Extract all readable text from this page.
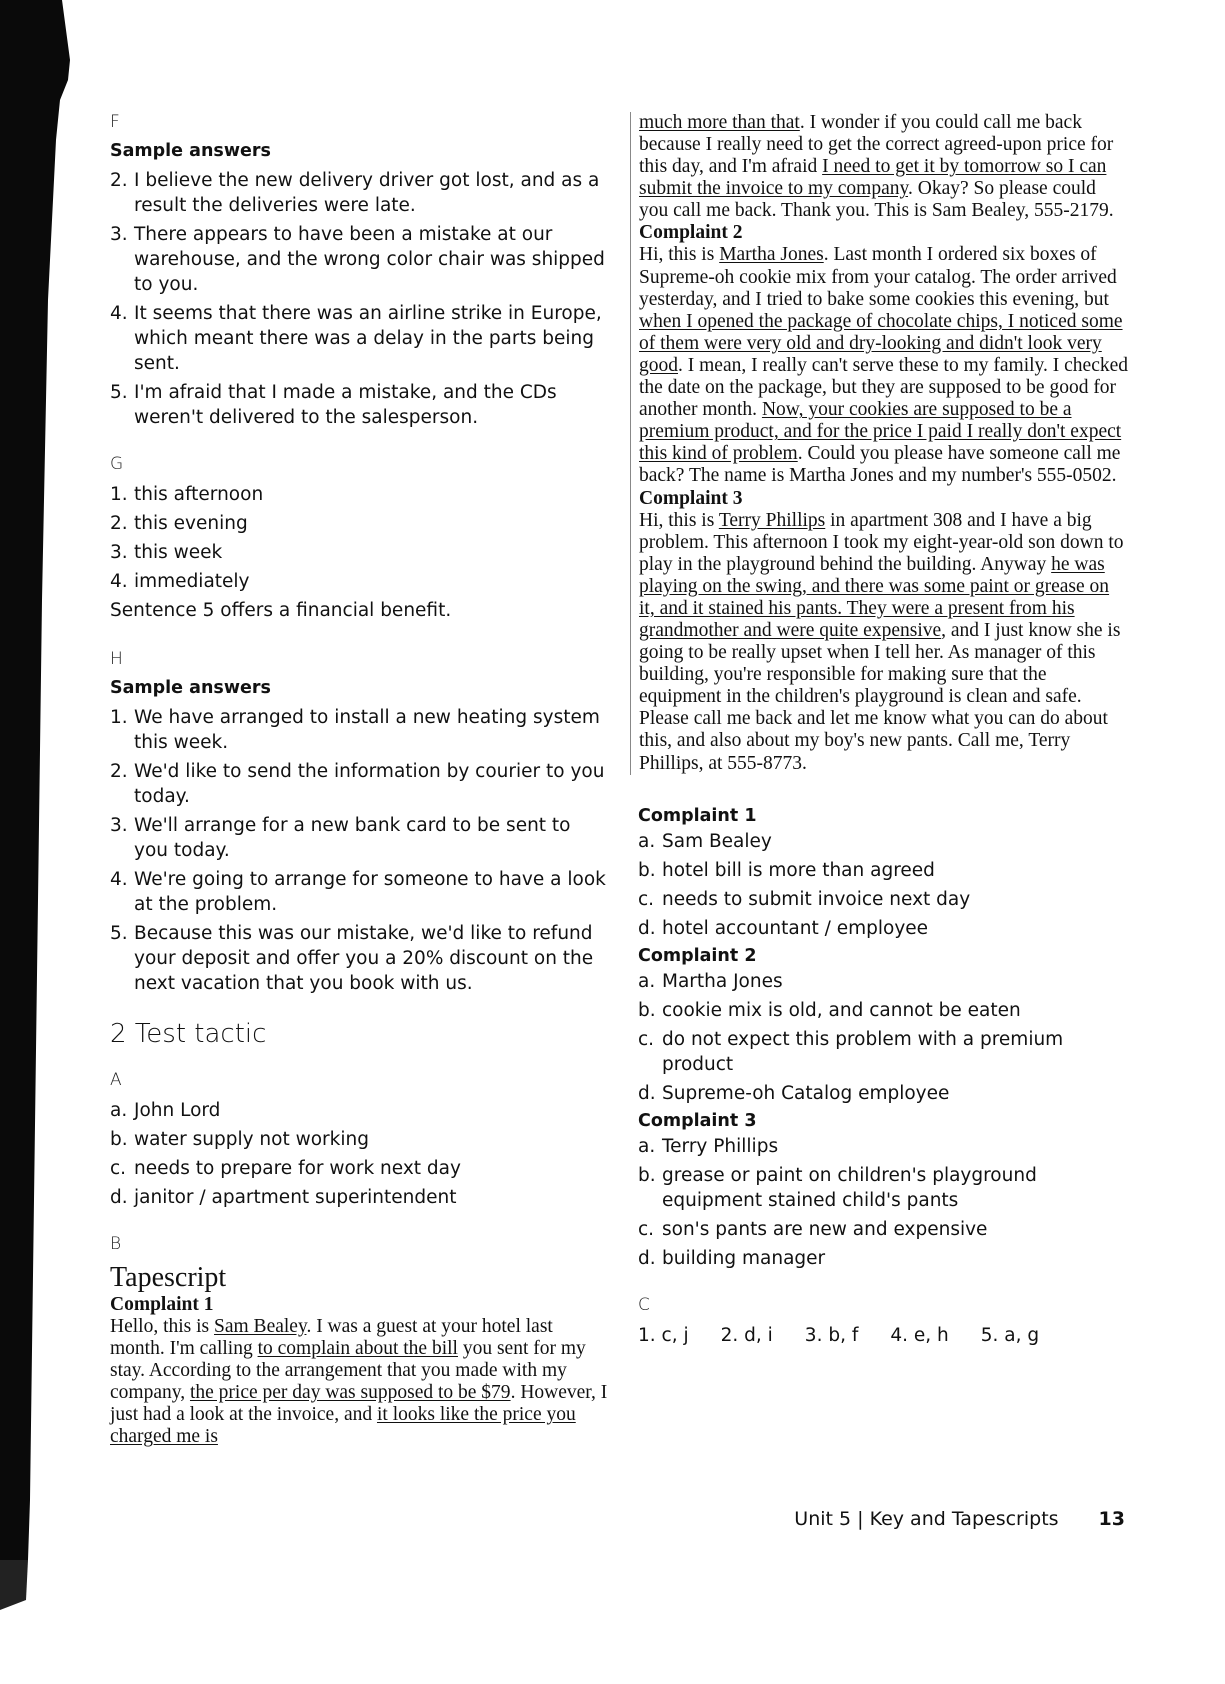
F
Sample answers
2. I believe the new delivery driver got lost, and as a result the deliveries were late.
3. There appears to have been a mistake at our warehouse, and the wrong color chair was shipped to you.
4. It seems that there was an airline strike in Europe, which meant there was a delay in the parts being sent.
5. I'm afraid that I made a mistake, and the CDs weren't delivered to the salesperson.
G
1. this afternoon
2. this evening
3. this week
4. immediately

Sentence 5 offers a financial benefit.

H
Sample answers
1. We have arranged to install a new heating system this week.
2. We'd like to send the information by courier to you today.
3. We'll arrange for a new bank card to be sent to you today.
4. We're going to arrange for someone to have a look at the problem.
5. Because this was our mistake, we'd like to refund your deposit and offer you a 20% discount on the next vacation that you book with us.
2 Test tactic
A
a. John Lord
b. water supply not working
c. needs to prepare for work next day
d. janitor / apartment superintendent
B
Tapescript
Complaint 1

Hello, this is Sam Bealey. I was a guest at your hotel last month. I'm calling to complain about the bill you sent for my stay. According to the arrangement that you made with my company, the price per day was supposed to be $79. However, I just had a look at the invoice, and it looks like the price you charged me is

much more than that. I wonder if you could call me back because I really need to get the correct agreed-upon price for this day, and I'm afraid I need to get it by tomorrow so I can submit the invoice to my company. Okay? So please could you call me back. Thank you. This is Sam Bealey, 555-2179.

Complaint 2

Hi, this is Martha Jones. Last month I ordered six boxes of Supreme-oh cookie mix from your catalog. The order arrived yesterday, and I tried to bake some cookies this evening, but when I opened the package of chocolate chips, I noticed some of them were very old and dry-looking and didn't look very good. I mean, I really can't serve these to my family. I checked the date on the package, but they are supposed to be good for another month. Now, your cookies are supposed to be a premium product, and for the price I paid I really don't expect this kind of problem. Could you please have someone call me back? The name is Martha Jones and my number's 555-0502.

Complaint 3

Hi, this is Terry Phillips in apartment 308 and I have a big problem. This afternoon I took my eight-year-old son down to play in the playground behind the building. Anyway he was playing on the swing, and there was some paint or grease on it, and it stained his pants. They were a present from his grandmother and were quite expensive, and I just know she is going to be really upset when I tell her. As manager of this building, you're responsible for making sure that the equipment in the children's playground is clean and safe. Please call me back and let me know what you can do about this, and also about my boy's new pants. Call me, Terry Phillips, at 555-8773.

Complaint 1
a. Sam Bealey
b. hotel bill is more than agreed
c. needs to submit invoice next day
d. hotel accountant / employee
Complaint 2
a. Martha Jones
b. cookie mix is old, and cannot be eaten
c. do not expect this problem with a premium product
d. Supreme-oh Catalog employee
Complaint 3
a. Terry Phillips
b. grease or paint on children's playground equipment stained child's pants
c. son's pants are new and expensive
d. building manager
C
1. c, j 2. d, i 3. b, f 4. e, h 5. a, g
Unit 5 | Key and Tapescripts 13
